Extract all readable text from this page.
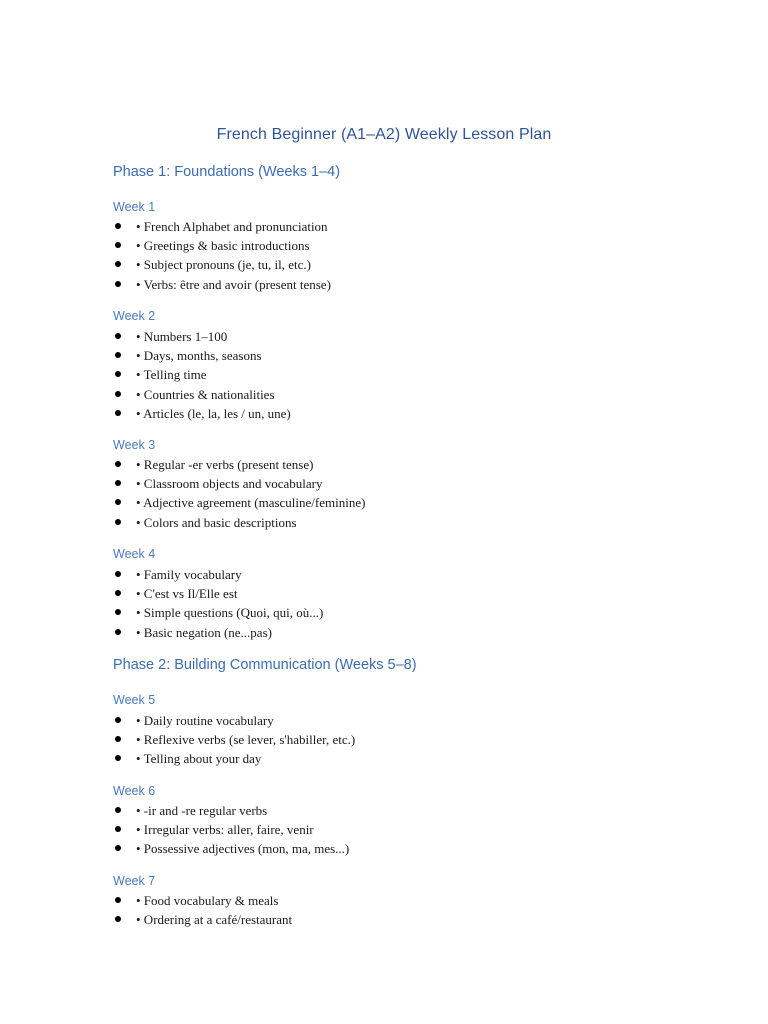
French Beginner (A1–A2) Weekly Lesson Plan
Phase 1: Foundations (Weeks 1–4)
Week 1
• French Alphabet and pronunciation
• Greetings & basic introductions
• Subject pronouns (je, tu, il, etc.)
• Verbs: être and avoir (present tense)
Week 2
• Numbers 1–100
• Days, months, seasons
• Telling time
• Countries & nationalities
• Articles (le, la, les / un, une)
Week 3
• Regular -er verbs (present tense)
• Classroom objects and vocabulary
• Adjective agreement (masculine/feminine)
• Colors and basic descriptions
Week 4
• Family vocabulary
• C'est vs Il/Elle est
• Simple questions (Quoi, qui, où...)
• Basic negation (ne...pas)
Phase 2: Building Communication (Weeks 5–8)
Week 5
• Daily routine vocabulary
• Reflexive verbs (se lever, s'habiller, etc.)
• Telling about your day
Week 6
• -ir and -re regular verbs
• Irregular verbs: aller, faire, venir
• Possessive adjectives (mon, ma, mes...)
Week 7
• Food vocabulary & meals
• Ordering at a café/restaurant
